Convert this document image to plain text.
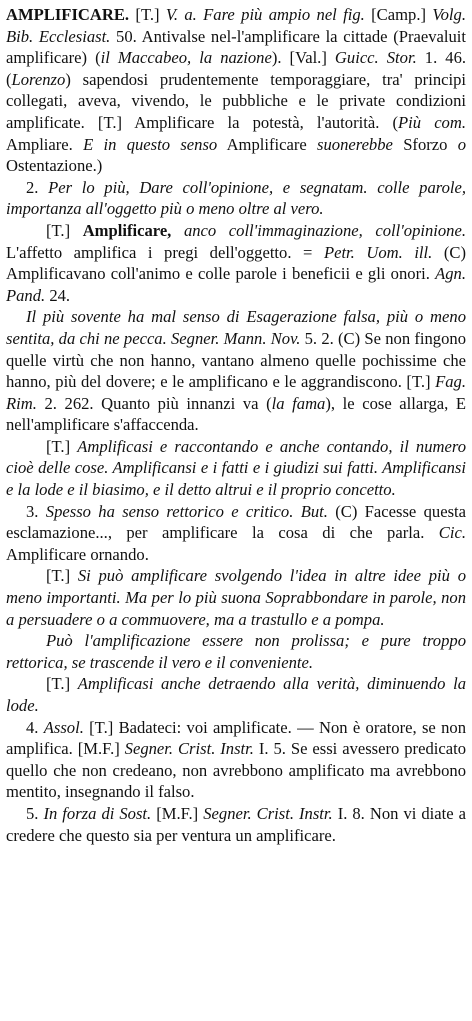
AMPLIFICARE. [T.] V. a. Fare più ampio nel fig. [Camp.] Volg. Bib. Ecclesiast. 50. Antivalse nel-l'amplificare la cittade (Praevaluit amplificare) (il Maccabeo, la nazione). [Val.] Guicc. Stor. 1. 46. (Lorenzo) sapendosi prudentemente temporaggiare, tra' principi collegati, aveva, vivendo, le pubbliche e le private condizioni amplificate. [T.] Amplificare la potestà, l'autorità. (Più com. Ampliare. E in questo senso Amplificare suonerebbe Sforzo o Ostentazione.)

2. Per lo più, Dare coll'opinione, e segnatam. colle parole, importanza all'oggetto più o meno oltre al vero.

[T.] Amplificare, anco coll'immaginazione, coll'opinione. L'affetto amplifica i pregi dell'oggetto. = Petr. Uom. ill. (C) Amplificavano coll'animo e colle parole i beneficii e gli onori. Agn. Pand. 24.

Il più sovente ha mal senso di Esagerazione falsa, più o meno sentita, da chi ne pecca. Segner. Mann. Nov. 5. 2. (C) Se non fingono quelle virtù che non hanno, vantano almeno quelle pochissime che hanno, più del dovere; e le amplificano e le aggrandiscono. [T.] Fag. Rim. 2. 262. Quanto più innanzi va (la fama), le cose allarga, E nell'amplificare s'affaccenda.

[T.] Amplificasi e raccontando e anche contando, il numero cioè delle cose. Amplificansi e i fatti e i giudizi sui fatti. Amplificansi e la lode e il biasimo, e il detto altrui e il proprio concetto.

3. Spesso ha senso rettorico e critico. But. (C) Facesse questa esclamazione..., per amplificare la cosa di che parla. Cic. Amplificare ornando.

[T.] Si può amplificare svolgendo l'idea in altre idee più o meno importanti. Ma per lo più suona Soprabbondare in parole, non a persuadere o a commuovere, ma a trastullo e a pompa.

Può l'amplificazione essere non prolissa; e pure troppo rettorica, se trascende il vero e il conveniente.

[T.] Amplificasi anche detraendo alla verità, diminuendo la lode.

4. Assol. [T.] Badateci: voi amplificate. — Non è oratore, se non amplifica. [M.F.] Segner. Crist. Instr. I. 5. Se essi avessero predicato quello che non credeano, non avrebbono amplificato ma avrebbono mentito, insegnando il falso.

5. In forza di Sost. [M.F.] Segner. Crist. Instr. I. 8. Non vi diate a credere che questo sia per ventura un amplificare.
